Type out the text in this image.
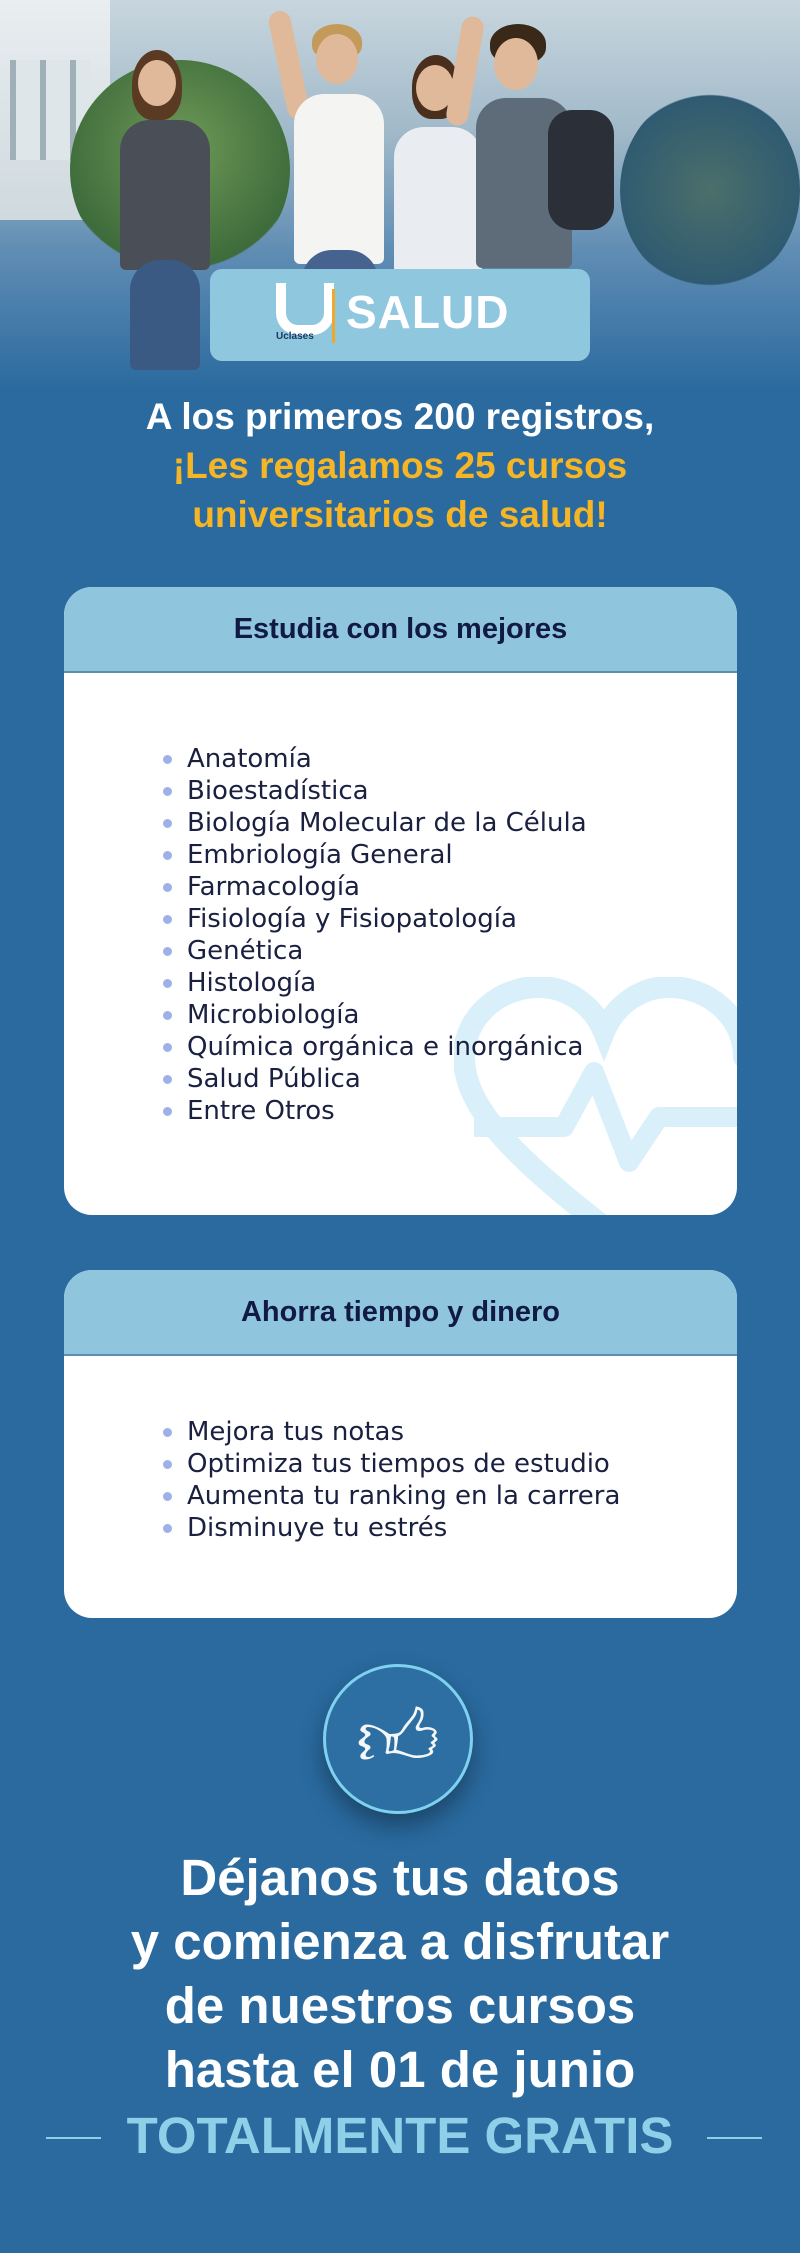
Uclases SALUD
A los primeros 200 registros,
¡Les regalamos 25 cursos
universitarios de salud!
Estudia con los mejores
Anatomía
Bioestadística
Biología Molecular de la Célula
Embriología General
Farmacología
Fisiología y Fisiopatología
Genética
Histología
Microbiología
Química orgánica e inorgánica
Salud Pública
Entre Otros
Ahorra tiempo y dinero
Mejora tus notas
Optimiza tus tiempos de estudio
Aumenta tu ranking en la carrera
Disminuye tu estrés
👍︎
Déjanos tus datos
y comienza a disfrutar
de nuestros cursos
hasta el 01 de junio
TOTALMENTE GRATIS
